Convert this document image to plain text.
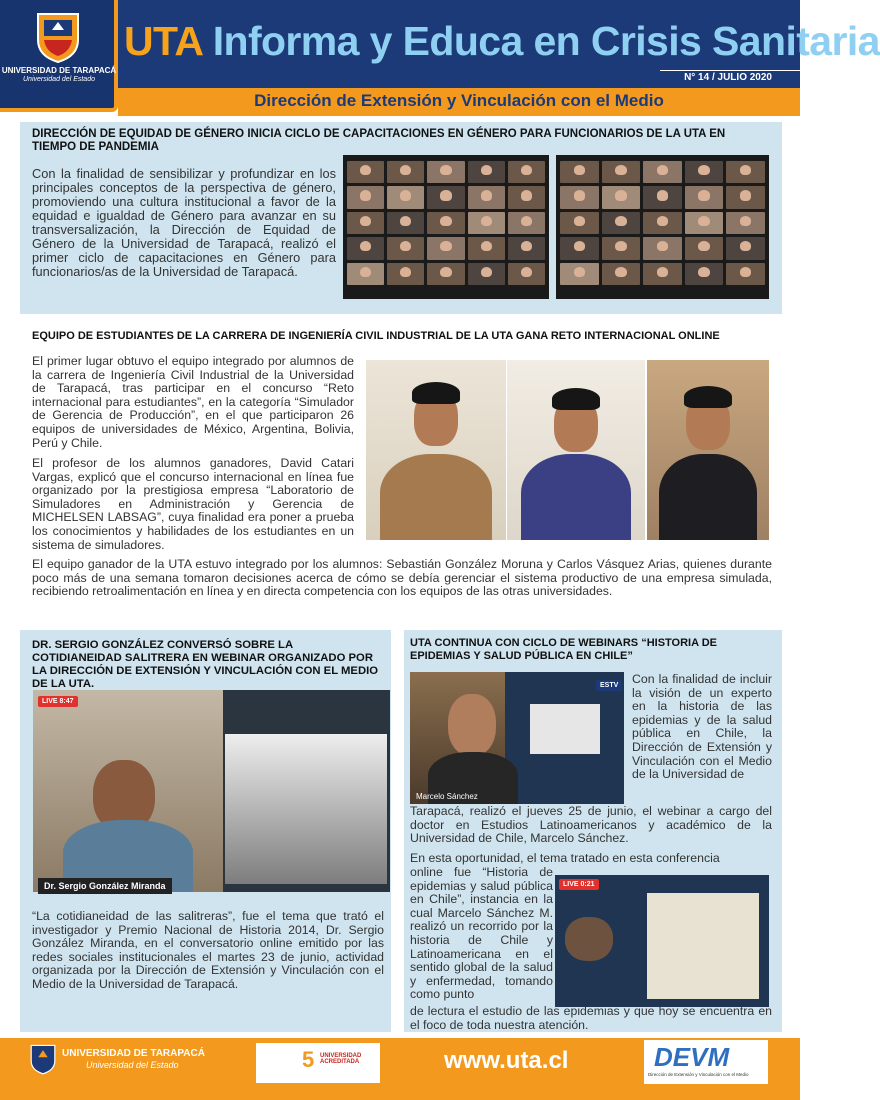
UNIVERSIDAD DE TARAPACÁ
Universidad del Estado
UTA Informa y Educa en Crisis Sanitaria
N° 14 / JULIO 2020
Dirección de Extensión y Vinculación con el Medio
DIRECCIÓN DE EQUIDAD DE GÉNERO INICIA CICLO DE CAPACITACIONES EN GÉNERO PARA FUNCIONARIOS DE LA UTA EN TIEMPO DE PANDEMIA
Con la finalidad de sensibilizar y profundizar en los principales conceptos de la perspectiva de género, promoviendo una cultura institucional a favor de la equidad e igualdad de Género para avanzar en su transversalización, la Dirección de Equidad de Género de la Universidad de Tarapacá, realizó el primer ciclo de capacitaciones en Género para funcionarios/as de la Universidad de Tarapacá.
EQUIPO DE ESTUDIANTES DE LA CARRERA DE INGENIERÍA CIVIL INDUSTRIAL DE LA UTA GANA RETO INTERNACIONAL ONLINE
El primer lugar obtuvo el equipo integrado por alumnos de la carrera de Ingeniería Civil Industrial de la Universidad de Tarapacá, tras participar en el concurso “Reto internacional para estudiantes”, en la categoría “Simulador de Gerencia de Producción”, en el que participaron 26 equipos de universidades de México, Argentina, Bolivia, Perú y Chile.
El profesor de los alumnos ganadores, David Catari Vargas, explicó que el concurso internacional en línea fue organizado por la prestigiosa empresa “Laboratorio de Simuladores en Administración y Gerencia de MICHELSEN LABSAG”, cuya finalidad era poner a prueba los conocimientos y habilidades de los estudiantes en un sistema de simuladores.
El equipo ganador de la UTA estuvo integrado por los alumnos: Sebastián González Moruna y Carlos Vásquez Arias, quienes durante poco más de una semana tomaron decisiones acerca de cómo se debía gerenciar el sistema productivo de una empresa simulada, recibiendo retroalimentación en línea y en directa competencia con los equipos de las otras universidades.
DR. SERGIO GONZÁLEZ CONVERSÓ SOBRE LA COTIDIANEIDAD SALITRERA EN WEBINAR ORGANIZADO POR LA DIRECCIÓN DE EXTENSIÓN Y VINCULACIÓN CON EL MEDIO DE LA UTA.
LIVE 8:47
Dr. Sergio González Miranda
“La cotidianeidad de las salitreras”, fue el tema que trató el investigador y Premio Nacional de Historia 2014, Dr. Sergio González Miranda, en el conversatorio online emitido por las redes sociales institucionales el martes 23 de junio, actividad organizada por la Dirección de Extensión y Vinculación con el Medio de la Universidad de Tarapacá.
UTA CONTINUA CON CICLO DE WEBINARS “HISTORIA DE EPIDEMIAS Y SALUD PÚBLICA EN CHILE”
ESTV
Marcelo Sánchez
Con la finalidad de incluir la visión de un experto en la historia de las epidemias y de la salud pública en Chile, la Dirección de Extensión y Vinculación con el Medio de la Universidad de
Tarapacá, realizó el jueves 25 de junio, el webinar a cargo del doctor en Estudios Latinoamericanos y académico de la Universidad de Chile, Marcelo Sánchez.
En esta oportunidad, el tema tratado en esta conferencia
online fue “Historia de epidemias y salud pública en Chile”, instancia en la cual Marcelo Sánchez M. realizó un recorrido por la historia de Chile y Latinoamericana en el sentido global de la salud y enfermedad, tomando como punto
LIVE 0:21
de lectura el estudio de las epidemias y que hoy se encuentra en el foco de toda nuestra atención.
UNIVERSIDAD DE TARAPACÁ
Universidad del Estado	5 UNIVERSIDAD ACREDITADA	www.uta.cl	DEVM
Dirección de Extensión y Vinculación con el Medio
